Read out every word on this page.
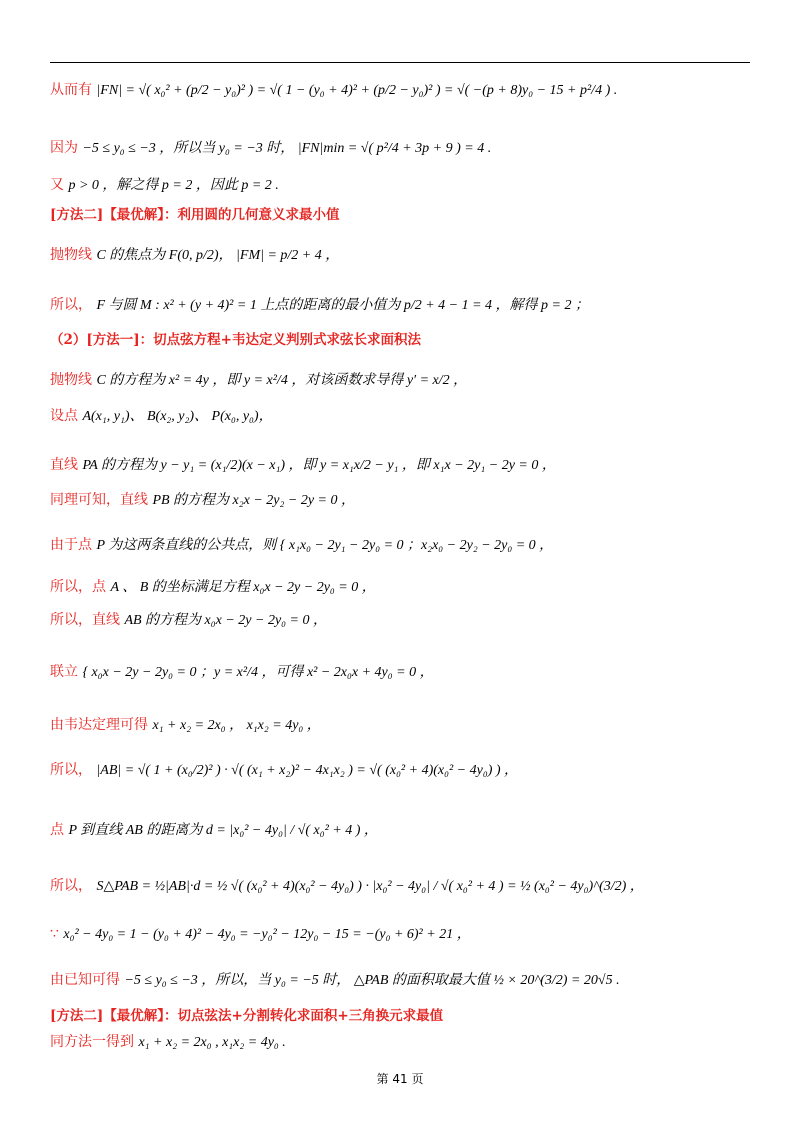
从而有 |FN| = √( x₀² + (p/2 − y₀)² ) = √( 1 − (y₀ + 4)² + (p/2 − y₀)² ) = √( −(p + 8)y₀ − 15 + p²/4 ) .
因为 −5 ≤ y₀ ≤ −3 ，所以当 y₀ = −3 时， |FN|min = √( p²/4 + 3p + 9 ) = 4 .
又 p > 0 ，解之得 p = 2 ，因此 p = 2 .
[方法二]【最优解】：利用圆的几何意义求最小值
抛物线 C 的焦点为 F(0, p/2)， |FM| = p/2 + 4 ，
所以， F 与圆 M : x² + (y + 4)² = 1 上点的距离的最小值为 p/2 + 4 − 1 = 4 ，解得 p = 2 ；
（2）[方法一]：切点弦方程+韦达定义判别式求弦长求面积法
抛物线 C 的方程为 x² = 4y ，即 y = x²/4 ，对该函数求导得 y′ = x/2 ，
设点 A(x₁, y₁)、 B(x₂, y₂)、 P(x₀, y₀)，
直线 PA 的方程为 y − y₁ = (x₁/2)(x − x₁) ，即 y = x₁x/2 − y₁ ，即 x₁x − 2y₁ − 2y = 0 ，
同理可知，直线 PB 的方程为 x₂x − 2y₂ − 2y = 0 ，
由于点 P 为这两条直线的公共点，则 { x₁x₀ − 2y₁ − 2y₀ = 0 ；x₂x₀ − 2y₂ − 2y₀ = 0 ，
所以，点 A 、 B 的坐标满足方程 x₀x − 2y − 2y₀ = 0 ，
所以，直线 AB 的方程为 x₀x − 2y − 2y₀ = 0 ，
联立 { x₀x − 2y − 2y₀ = 0 ；y = x²/4 ，可得 x² − 2x₀x + 4y₀ = 0 ，
由韦达定理可得 x₁ + x₂ = 2x₀ ， x₁x₂ = 4y₀ ，
所以， |AB| = √( 1 + (x₀/2)² ) · √( (x₁ + x₂)² − 4x₁x₂ ) = √( (x₀² + 4)(x₀² − 4y₀) ) ，
点 P 到直线 AB 的距离为 d = |x₀² − 4y₀| / √( x₀² + 4 ) ，
所以， S△PAB = ½|AB|·d = ½ √( (x₀² + 4)(x₀² − 4y₀) ) · |x₀² − 4y₀| / √( x₀² + 4 ) = ½ (x₀² − 4y₀)^(3/2) ，
∵ x₀² − 4y₀ = 1 − (y₀ + 4)² − 4y₀ = −y₀² − 12y₀ − 15 = −(y₀ + 6)² + 21 ，
由已知可得 −5 ≤ y₀ ≤ −3 ，所以，当 y₀ = −5 时， △PAB 的面积取最大值 ½ × 20^(3/2) = 20√5 .
[方法二]【最优解】：切点弦法+分割转化求面积+三角换元求最值
同方法一得到 x₁ + x₂ = 2x₀ , x₁x₂ = 4y₀ .
第 41 页
